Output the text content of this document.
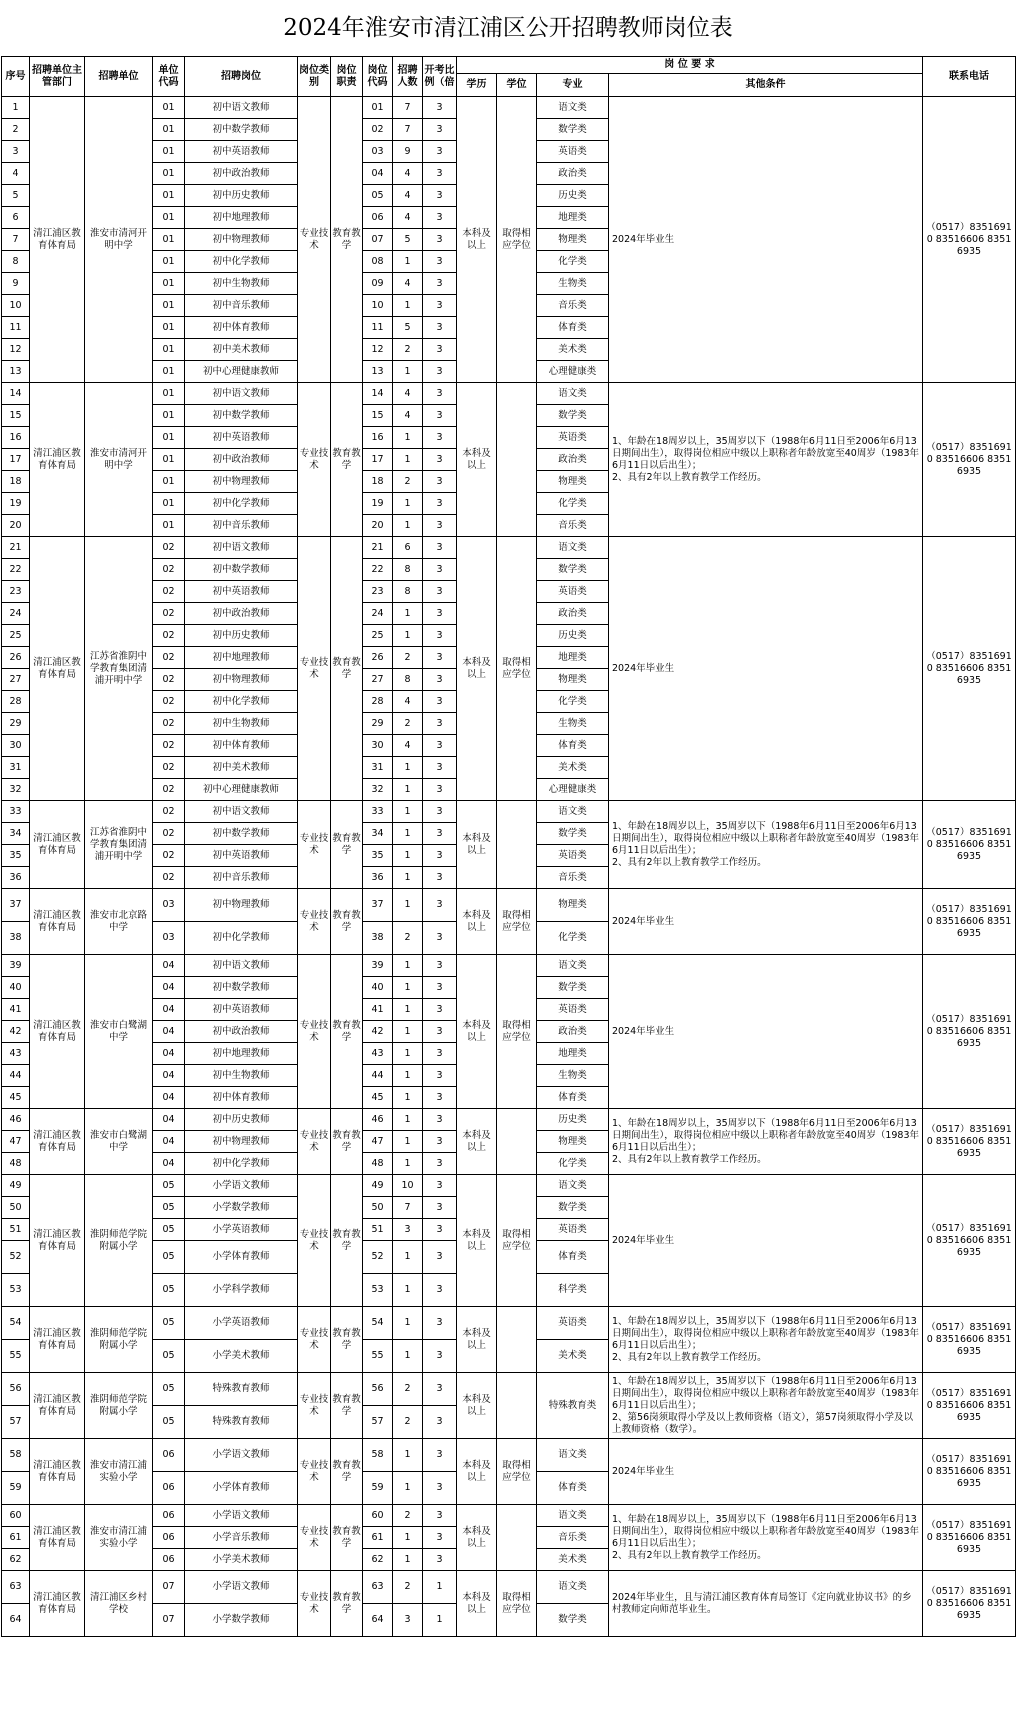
2024年淮安市清江浦区公开招聘教师岗位表
序号	招聘单位主管部门	招聘单位	单位代码	招聘岗位	岗位类别	岗位职责	岗位代码	招聘人数	开考比例（倍	岗 位 要 求				联系电话
										学历	学位	专业	其他条件	
1	清江浦区教育体育局	淮安市清河开明中学	01	初中语文教师	专业技术	教育教学	01	7	3	本科及以上	取得相应学位	语文类	2024年毕业生	（0517）83516910 83516606 83516935
2			01	初中数学教师			02	7	3			数学类		
3			01	初中英语教师			03	9	3			英语类		
4			01	初中政治教师			04	4	3			政治类		
5			01	初中历史教师			05	4	3			历史类		
6			01	初中地理教师			06	4	3			地理类		
7			01	初中物理教师			07	5	3			物理类		
8			01	初中化学教师			08	1	3			化学类		
9			01	初中生物教师			09	4	3			生物类		
10			01	初中音乐教师			10	1	3			音乐类		
11			01	初中体育教师			11	5	3			体育类		
12			01	初中美术教师			12	2	3			美术类		
13			01	初中心理健康教师			13	1	3			心理健康类		
14	清江浦区教育体育局	淮安市清河开明中学	01	初中语文教师	专业技术	教育教学	14	4	3	本科及以上		语文类	1、年龄在18周岁以上，35周岁以下（1988年6月11日至2006年6月13日期间出生），取得岗位相应中级以上职称者年龄放宽至40周岁（1983年6月11日以后出生）；
2、具有2年以上教育教学工作经历。	（0517）83516910 83516606 83516935
15			01	初中数学教师			15	4	3			数学类		
16			01	初中英语教师			16	1	3			英语类		
17			01	初中政治教师			17	1	3			政治类		
18			01	初中物理教师			18	2	3			物理类		
19			01	初中化学教师			19	1	3			化学类		
20			01	初中音乐教师			20	1	3			音乐类		
21	清江浦区教育体育局	江苏省淮阴中学教育集团清浦开明中学	02	初中语文教师	专业技术	教育教学	21	6	3	本科及以上	取得相应学位	语文类	2024年毕业生	（0517）83516910 83516606 83516935
22			02	初中数学教师			22	8	3			数学类		
23			02	初中英语教师			23	8	3			英语类		
24			02	初中政治教师			24	1	3			政治类		
25			02	初中历史教师			25	1	3			历史类		
26			02	初中地理教师			26	2	3			地理类		
27			02	初中物理教师			27	8	3			物理类		
28			02	初中化学教师			28	4	3			化学类		
29			02	初中生物教师			29	2	3			生物类		
30			02	初中体育教师			30	4	3			体育类		
31			02	初中美术教师			31	1	3			美术类		
32			02	初中心理健康教师			32	1	3			心理健康类		
33	清江浦区教育体育局	江苏省淮阴中学教育集团清浦开明中学	02	初中语文教师	专业技术	教育教学	33	1	3	本科及以上		语文类	1、年龄在18周岁以上，35周岁以下（1988年6月11日至2006年6月13日期间出生），取得岗位相应中级以上职称者年龄放宽至40周岁（1983年6月11日以后出生）；
2、具有2年以上教育教学工作经历。	（0517）83516910 83516606 83516935
34			02	初中数学教师			34	1	3			数学类		
35			02	初中英语教师			35	1	3			英语类		
36			02	初中音乐教师			36	1	3			音乐类		
37	清江浦区教育体育局	淮安市北京路中学	03	初中物理教师	专业技术	教育教学	37	1	3	本科及以上	取得相应学位	物理类	2024年毕业生	（0517）83516910 83516606 83516935
38			03	初中化学教师			38	2	3			化学类		
39	清江浦区教育体育局	淮安市白鹭湖中学	04	初中语文教师	专业技术	教育教学	39	1	3	本科及以上	取得相应学位	语文类	2024年毕业生	（0517）83516910 83516606 83516935
40			04	初中数学教师			40	1	3			数学类		
41			04	初中英语教师			41	1	3			英语类		
42			04	初中政治教师			42	1	3			政治类		
43			04	初中地理教师			43	1	3			地理类		
44			04	初中生物教师			44	1	3			生物类		
45			04	初中体育教师			45	1	3			体育类		
46	清江浦区教育体育局	淮安市白鹭湖中学	04	初中历史教师	专业技术	教育教学	46	1	3	本科及以上		历史类	1、年龄在18周岁以上，35周岁以下（1988年6月11日至2006年6月13日期间出生），取得岗位相应中级以上职称者年龄放宽至40周岁（1983年6月11日以后出生）；
2、具有2年以上教育教学工作经历。	（0517）83516910 83516606 83516935
47			04	初中物理教师			47	1	3			物理类		
48			04	初中化学教师			48	1	3			化学类		
49	清江浦区教育体育局	淮阴师范学院附属小学	05	小学语文教师	专业技术	教育教学	49	10	3	本科及以上	取得相应学位	语文类	2024年毕业生	（0517）83516910 83516606 83516935
50			05	小学数学教师			50	7	3			数学类		
51			05	小学英语教师			51	3	3			英语类		
52			05	小学体育教师			52	1	3			体育类		
53			05	小学科学教师			53	1	3			科学类		
54	清江浦区教育体育局	淮阴师范学院附属小学	05	小学英语教师	专业技术	教育教学	54	1	3	本科及以上		英语类	1、年龄在18周岁以上，35周岁以下（1988年6月11日至2006年6月13日期间出生），取得岗位相应中级以上职称者年龄放宽至40周岁（1983年6月11日以后出生）；
2、具有2年以上教育教学工作经历。	（0517）83516910 83516606 83516935
55			05	小学美术教师			55	1	3			美术类		
56	清江浦区教育体育局	淮阴师范学院附属小学	05	特殊教育教师	专业技术	教育教学	56	2	3	本科及以上		特殊教育类	1、年龄在18周岁以上，35周岁以下（1988年6月11日至2006年6月13日期间出生），取得岗位相应中级以上职称者年龄放宽至40周岁（1983年6月11日以后出生）；
2、第56岗须取得小学及以上教师资格（语文），第57岗须取得小学及以上教师资格（数学）。	（0517）83516910 83516606 83516935
57			05	特殊教育教师			57	2	3					
58	清江浦区教育体育局	淮安市清江浦实验小学	06	小学语文教师	专业技术	教育教学	58	1	3	本科及以上	取得相应学位	语文类	2024年毕业生	（0517）83516910 83516606 83516935
59			06	小学体育教师			59	1	3			体育类		
60	清江浦区教育体育局	淮安市清江浦实验小学	06	小学语文教师	专业技术	教育教学	60	2	3	本科及以上		语文类	1、年龄在18周岁以上，35周岁以下（1988年6月11日至2006年6月13日期间出生），取得岗位相应中级以上职称者年龄放宽至40周岁（1983年6月11日以后出生）；
2、具有2年以上教育教学工作经历。	（0517）83516910 83516606 83516935
61			06	小学音乐教师			61	1	3			音乐类		
62			06	小学美术教师			62	1	3			美术类		
63	清江浦区教育体育局	清江浦区乡村学校	07	小学语文教师	专业技术	教育教学	63	2	1	本科及以上	取得相应学位	语文类	2024年毕业生，且与清江浦区教育体育局签订《定向就业协议书》的乡村教师定向师范毕业生。	（0517）83516910 83516606 83516935
64			07	小学数学教师			64	3	1			数学类		
